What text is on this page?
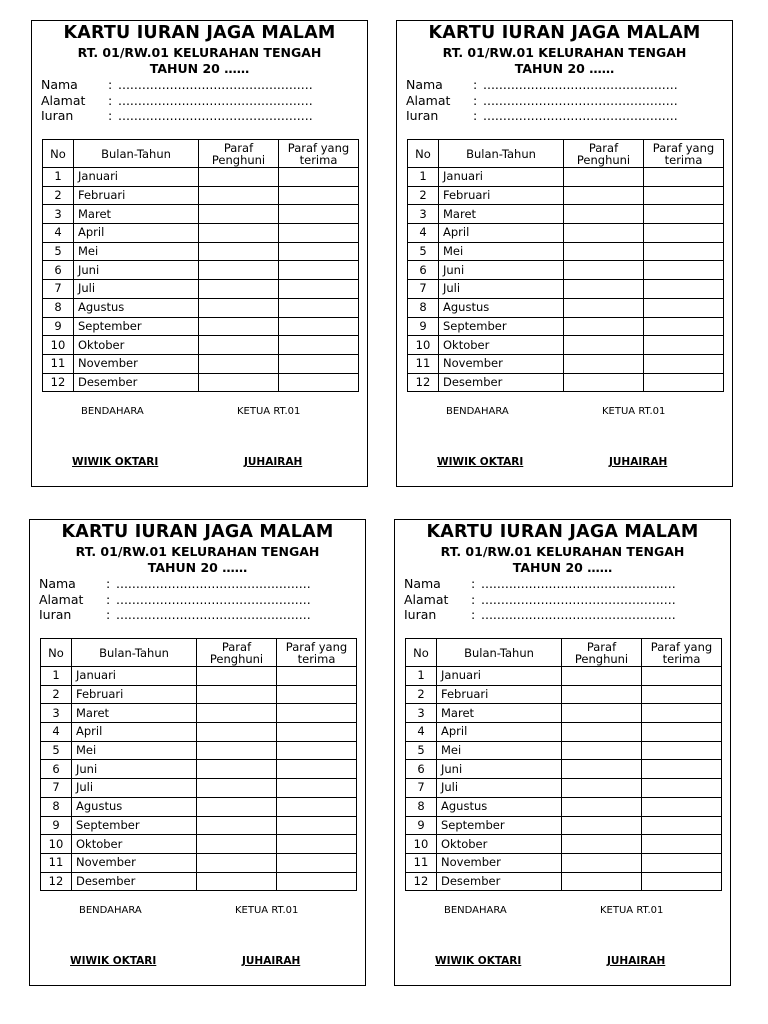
KARTU IURAN JAGA MALAM
RT. 01/RW.01 KELURAHAN TENGAH
TAHUN 20 ……
Nama	: .................................................
Alamat	: .................................................
Iuran	: .................................................
No	Bulan-Tahun	Paraf Penghuni	Paraf yang terima
1	Januari		
2	Februari		
3	Maret		
4	April		
5	Mei		
6	Juni		
7	Juli		
8	Agustus		
9	September		
10	Oktober		
11	November		
12	Desember		
BENDAHARA	KETUA RT.01
WIWIK OKTARI	JUHAIRAH
KARTU IURAN JAGA MALAM
RT. 01/RW.01 KELURAHAN TENGAH
TAHUN 20 ……
Nama	: .................................................
Alamat	: .................................................
Iuran	: .................................................
No	Bulan-Tahun	Paraf Penghuni	Paraf yang terima
1	Januari		
2	Februari		
3	Maret		
4	April		
5	Mei		
6	Juni		
7	Juli		
8	Agustus		
9	September		
10	Oktober		
11	November		
12	Desember		
BENDAHARA	KETUA RT.01
WIWIK OKTARI	JUHAIRAH
KARTU IURAN JAGA MALAM
RT. 01/RW.01 KELURAHAN TENGAH
TAHUN 20 ……
Nama	: .................................................
Alamat	: .................................................
Iuran	: .................................................
No	Bulan-Tahun	Paraf Penghuni	Paraf yang terima
1	Januari		
2	Februari		
3	Maret		
4	April		
5	Mei		
6	Juni		
7	Juli		
8	Agustus		
9	September		
10	Oktober		
11	November		
12	Desember		
BENDAHARA	KETUA RT.01
WIWIK OKTARI	JUHAIRAH
KARTU IURAN JAGA MALAM
RT. 01/RW.01 KELURAHAN TENGAH
TAHUN 20 ……
Nama	: .................................................
Alamat	: .................................................
Iuran	: .................................................
No	Bulan-Tahun	Paraf Penghuni	Paraf yang terima
1	Januari		
2	Februari		
3	Maret		
4	April		
5	Mei		
6	Juni		
7	Juli		
8	Agustus		
9	September		
10	Oktober		
11	November		
12	Desember		
BENDAHARA	KETUA RT.01
WIWIK OKTARI	JUHAIRAH
